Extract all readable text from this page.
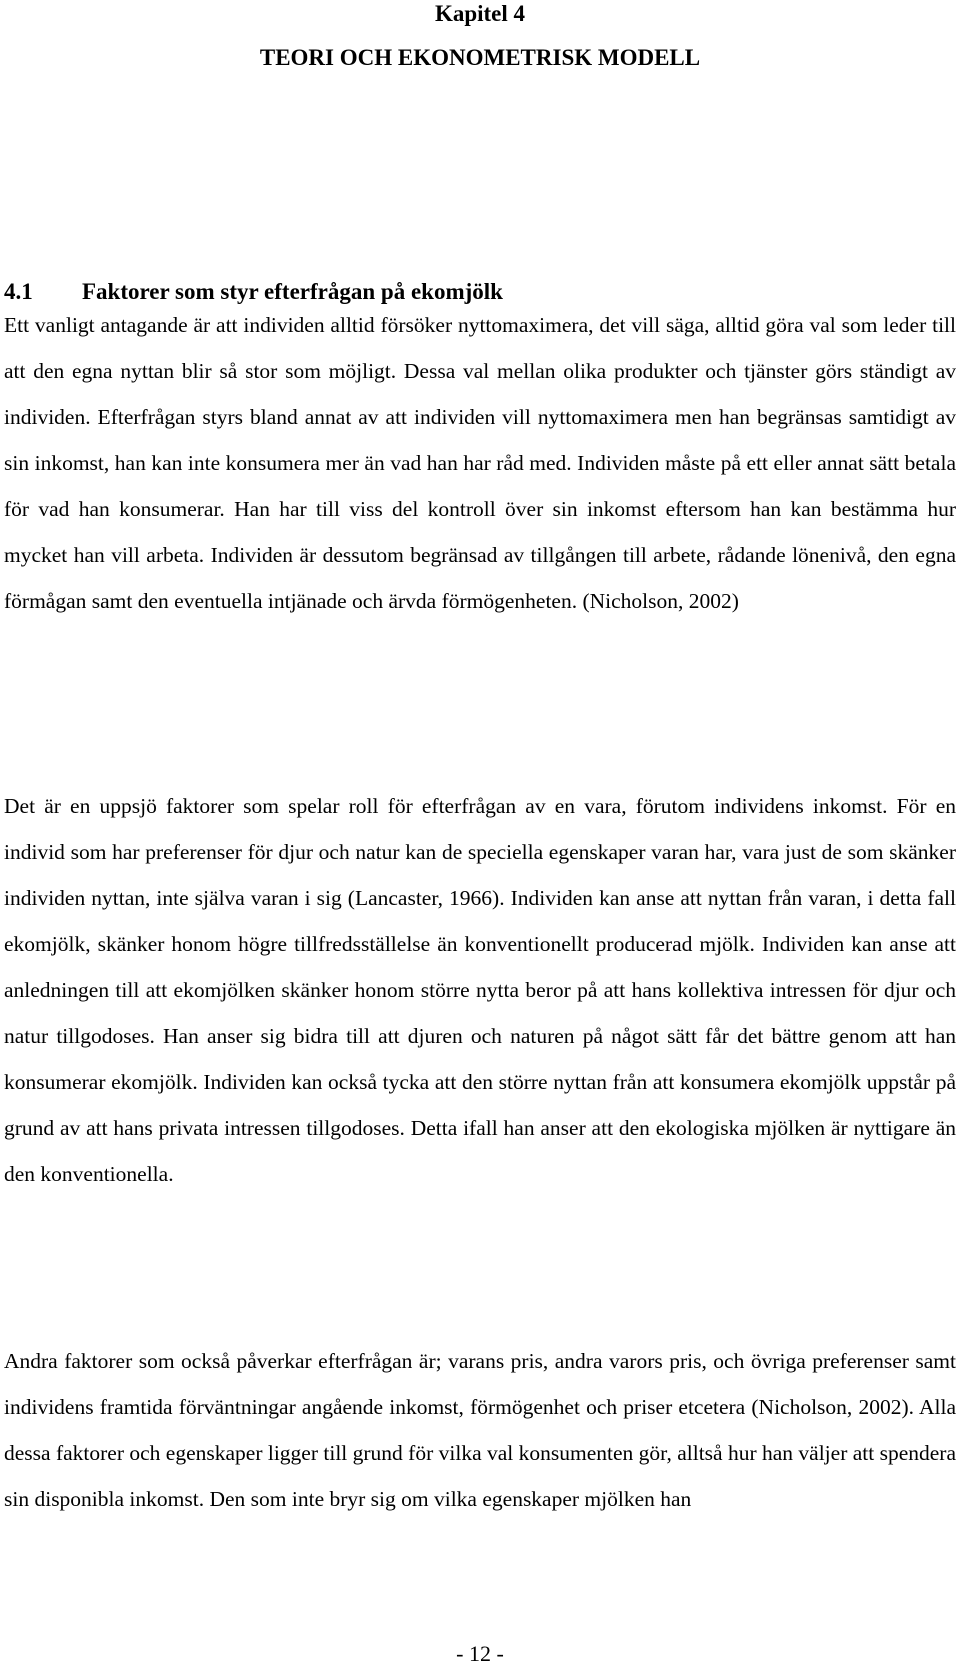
Kapitel 4
TEORI OCH EKONOMETRISK MODELL
4.1 Faktorer som styr efterfrågan på ekomjölk

Ett vanligt antagande är att individen alltid försöker nyttomaximera, det vill säga, alltid göra val som leder till att den egna nyttan blir så stor som möjligt. Dessa val mellan olika produkter och tjänster görs ständigt av individen. Efterfrågan styrs bland annat av att individen vill nyttomaximera men han begränsas samtidigt av sin inkomst, han kan inte konsumera mer än vad han har råd med. Individen måste på ett eller annat sätt betala för vad han konsumerar. Han har till viss del kontroll över sin inkomst eftersom han kan bestämma hur mycket han vill arbeta. Individen är dessutom begränsad av tillgången till arbete, rådande lönenivå, den egna förmågan samt den eventuella intjänade och ärvda förmögenheten. (Nicholson, 2002)

Det är en uppsjö faktorer som spelar roll för efterfrågan av en vara, förutom individens inkomst. För en individ som har preferenser för djur och natur kan de speciella egenskaper varan har, vara just de som skänker individen nyttan, inte själva varan i sig (Lancaster, 1966). Individen kan anse att nyttan från varan, i detta fall ekomjölk, skänker honom högre tillfredsställelse än konventionellt producerad mjölk. Individen kan anse att anledningen till att ekomjölken skänker honom större nytta beror på att hans kollektiva intressen för djur och natur tillgodoses. Han anser sig bidra till att djuren och naturen på något sätt får det bättre genom att han konsumerar ekomjölk. Individen kan också tycka att den större nyttan från att konsumera ekomjölk uppstår på grund av att hans privata intressen tillgodoses. Detta ifall han anser att den ekologiska mjölken är nyttigare än den konventionella.

Andra faktorer som också påverkar efterfrågan är; varans pris, andra varors pris, och övriga preferenser samt individens framtida förväntningar angående inkomst, förmögenhet och priser etcetera (Nicholson, 2002). Alla dessa faktorer och egenskaper ligger till grund för vilka val konsumenten gör, alltså hur han väljer att spendera sin disponibla inkomst. Den som inte bryr sig om vilka egenskaper mjölken han

- 12 -
